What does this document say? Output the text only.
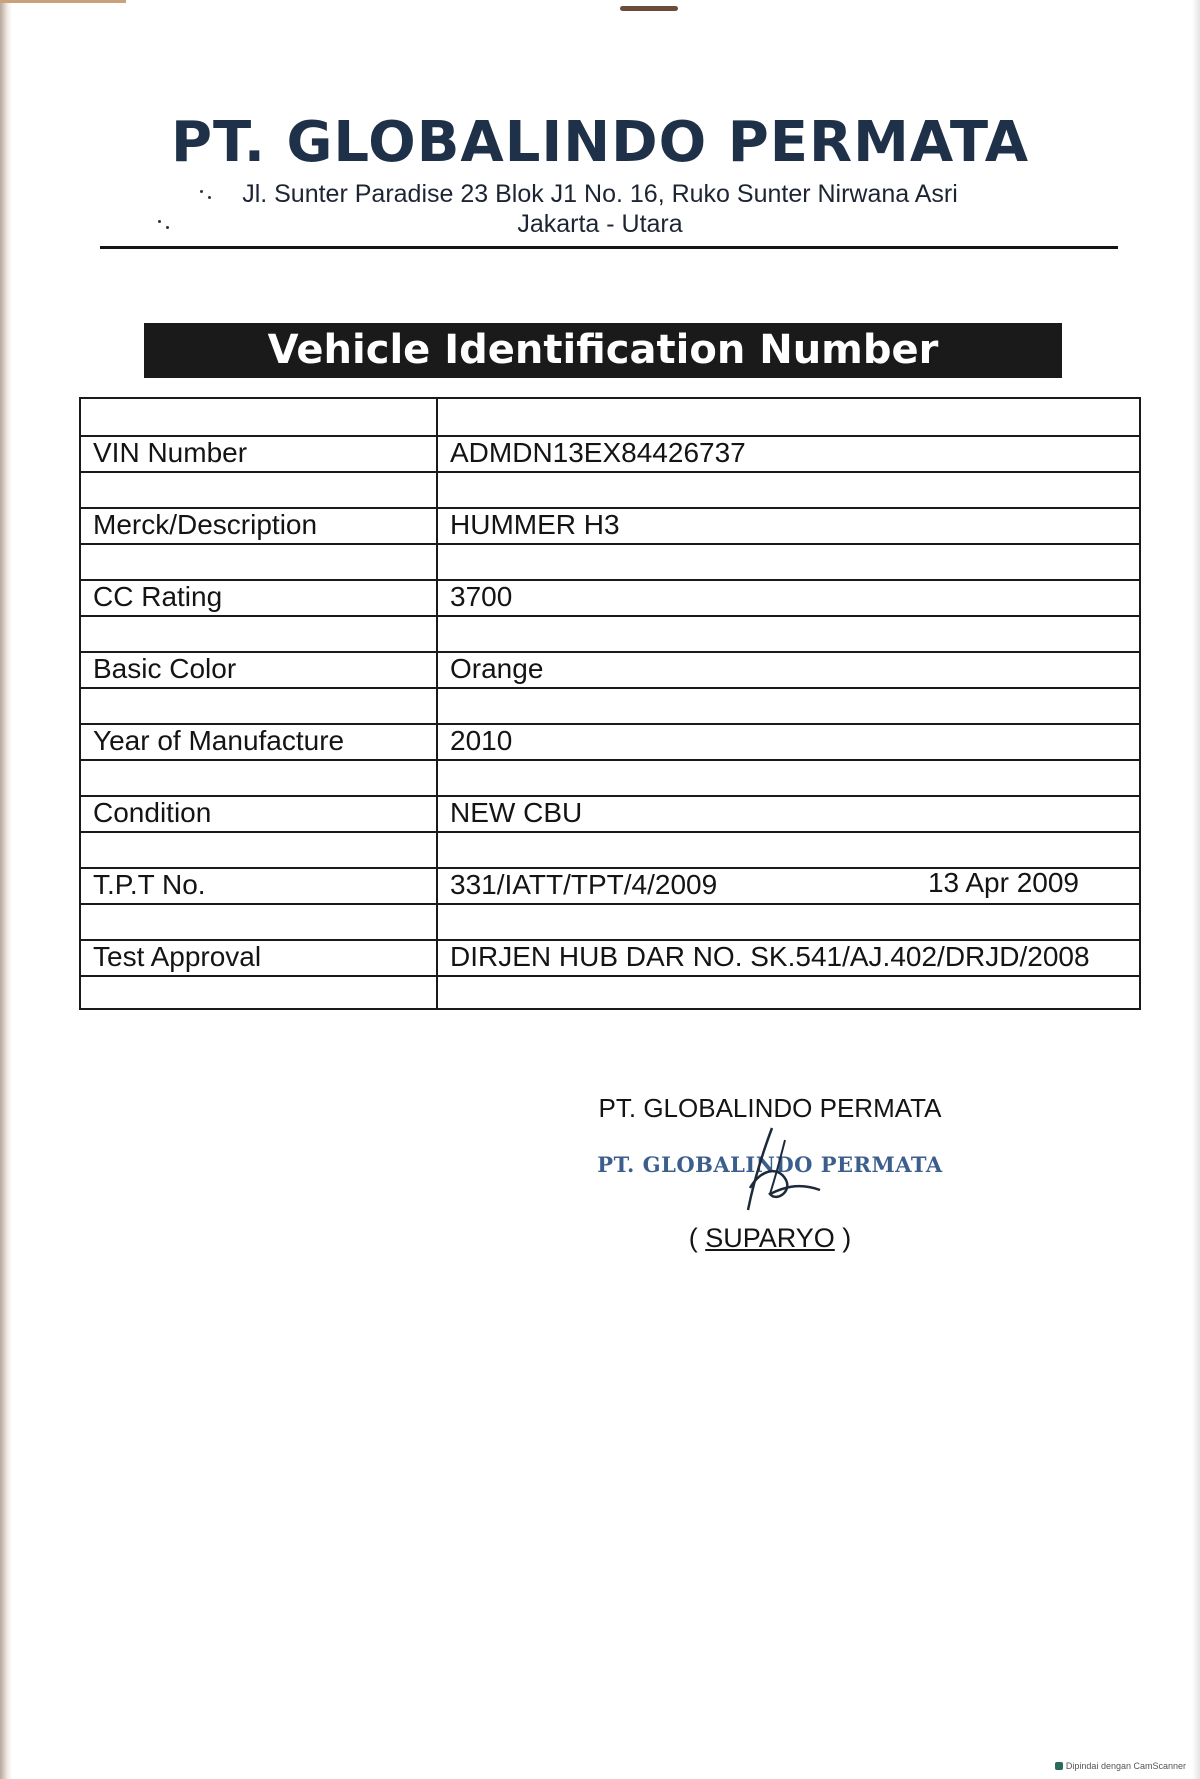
PT. GLOBALINDO PERMATA
Jl. Sunter Paradise 23 Blok J1 No. 16, Ruko Sunter Nirwana Asri
Jakarta - Utara
Vehicle Identification Number Certificate
VIN Number	ADMDN13EX84426737
Merck/Description	HUMMER H3
CC Rating	3700
Basic Color	Orange
Year of Manufacture	2010
Condition	NEW CBU
T.P.T No.	331/IATT/TPT/4/2009	13 Apr 2009
Test Approval	DIRJEN HUB DAR NO. SK.541/AJ.402/DRJD/2008
PT. GLOBALINDO PERMATA
PT. GLOBALINDO PERMATA
( SUPARYO )
Dipindai dengan CamScanner
